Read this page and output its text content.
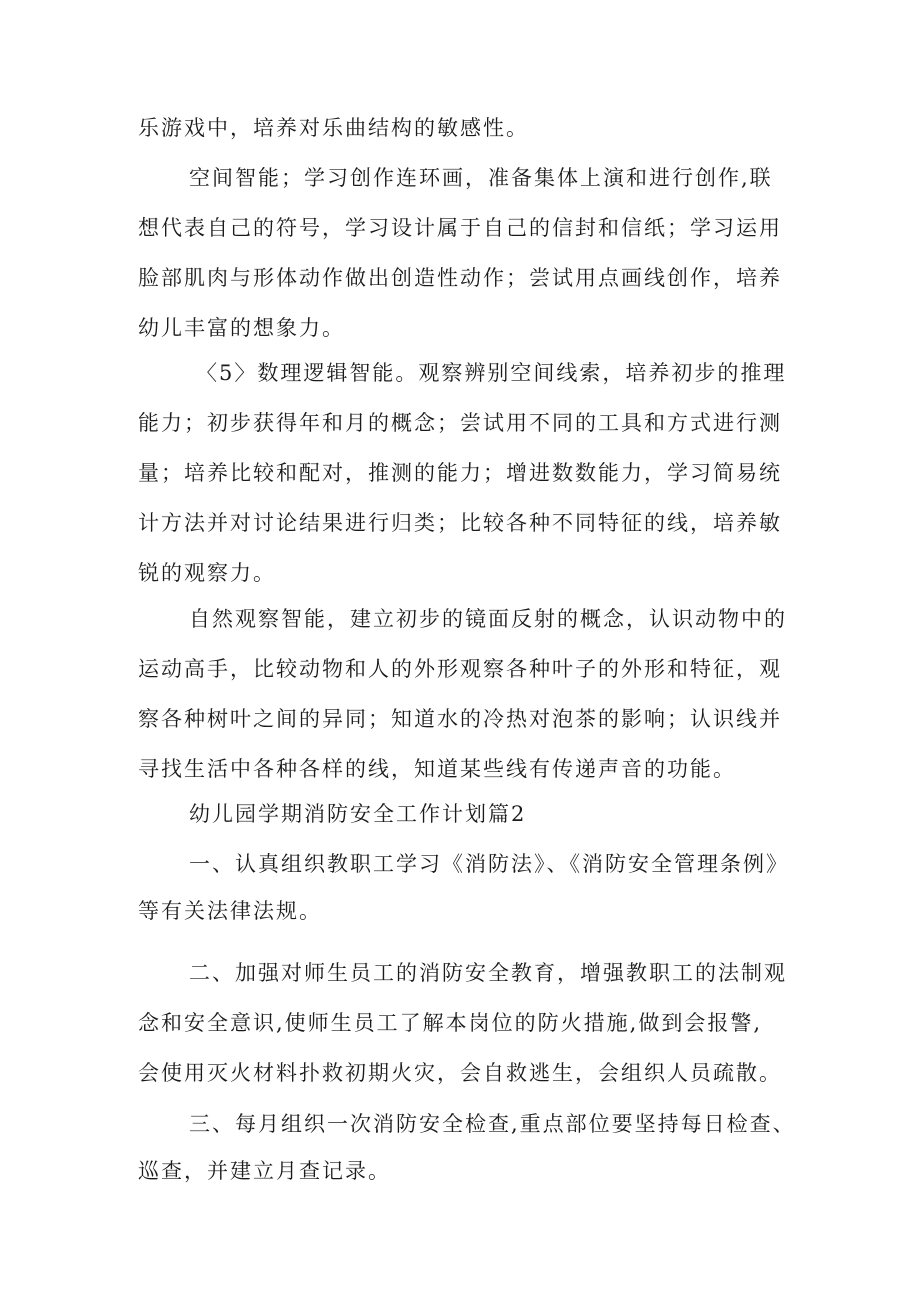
乐游戏中，培养对乐曲结构的敏感性。

空间智能；学习创作连环画，准备集体上演和进行创作,联
想代表自己的符号，学习设计属于自己的信封和信纸；学习运用
脸部肌肉与形体动作做出创造性动作；尝试用点画线创作，培养
幼儿丰富的想象力。

〈5〉数理逻辑智能。观察辨别空间线索，培养初步的推理
能力；初步获得年和月的概念；尝试用不同的工具和方式进行测
量；培养比较和配对，推测的能力；增进数数能力，学习简易统
计方法并对讨论结果进行归类；比较各种不同特征的线，培养敏
锐的观察力。

自然观察智能，建立初步的镜面反射的概念，认识动物中的
运动高手，比较动物和人的外形观察各种叶子的外形和特征，观
察各种树叶之间的异同；知道水的冷热对泡茶的影响；认识线并
寻找生活中各种各样的线，知道某些线有传递声音的功能。

幼儿园学期消防安全工作计划篇2

一、认真组织教职工学习《消防法》、《消防安全管理条例》
等有关法律法规。

二、加强对师生员工的消防安全教育，增强教职工的法制观
念和安全意识,使师生员工了解本岗位的防火措施,做到会报警,
会使用灭火材料扑救初期火灾，会自救逃生，会组织人员疏散。

三、每月组织一次消防安全检查,重点部位要坚持每日检查、
巡查，并建立月查记录。
